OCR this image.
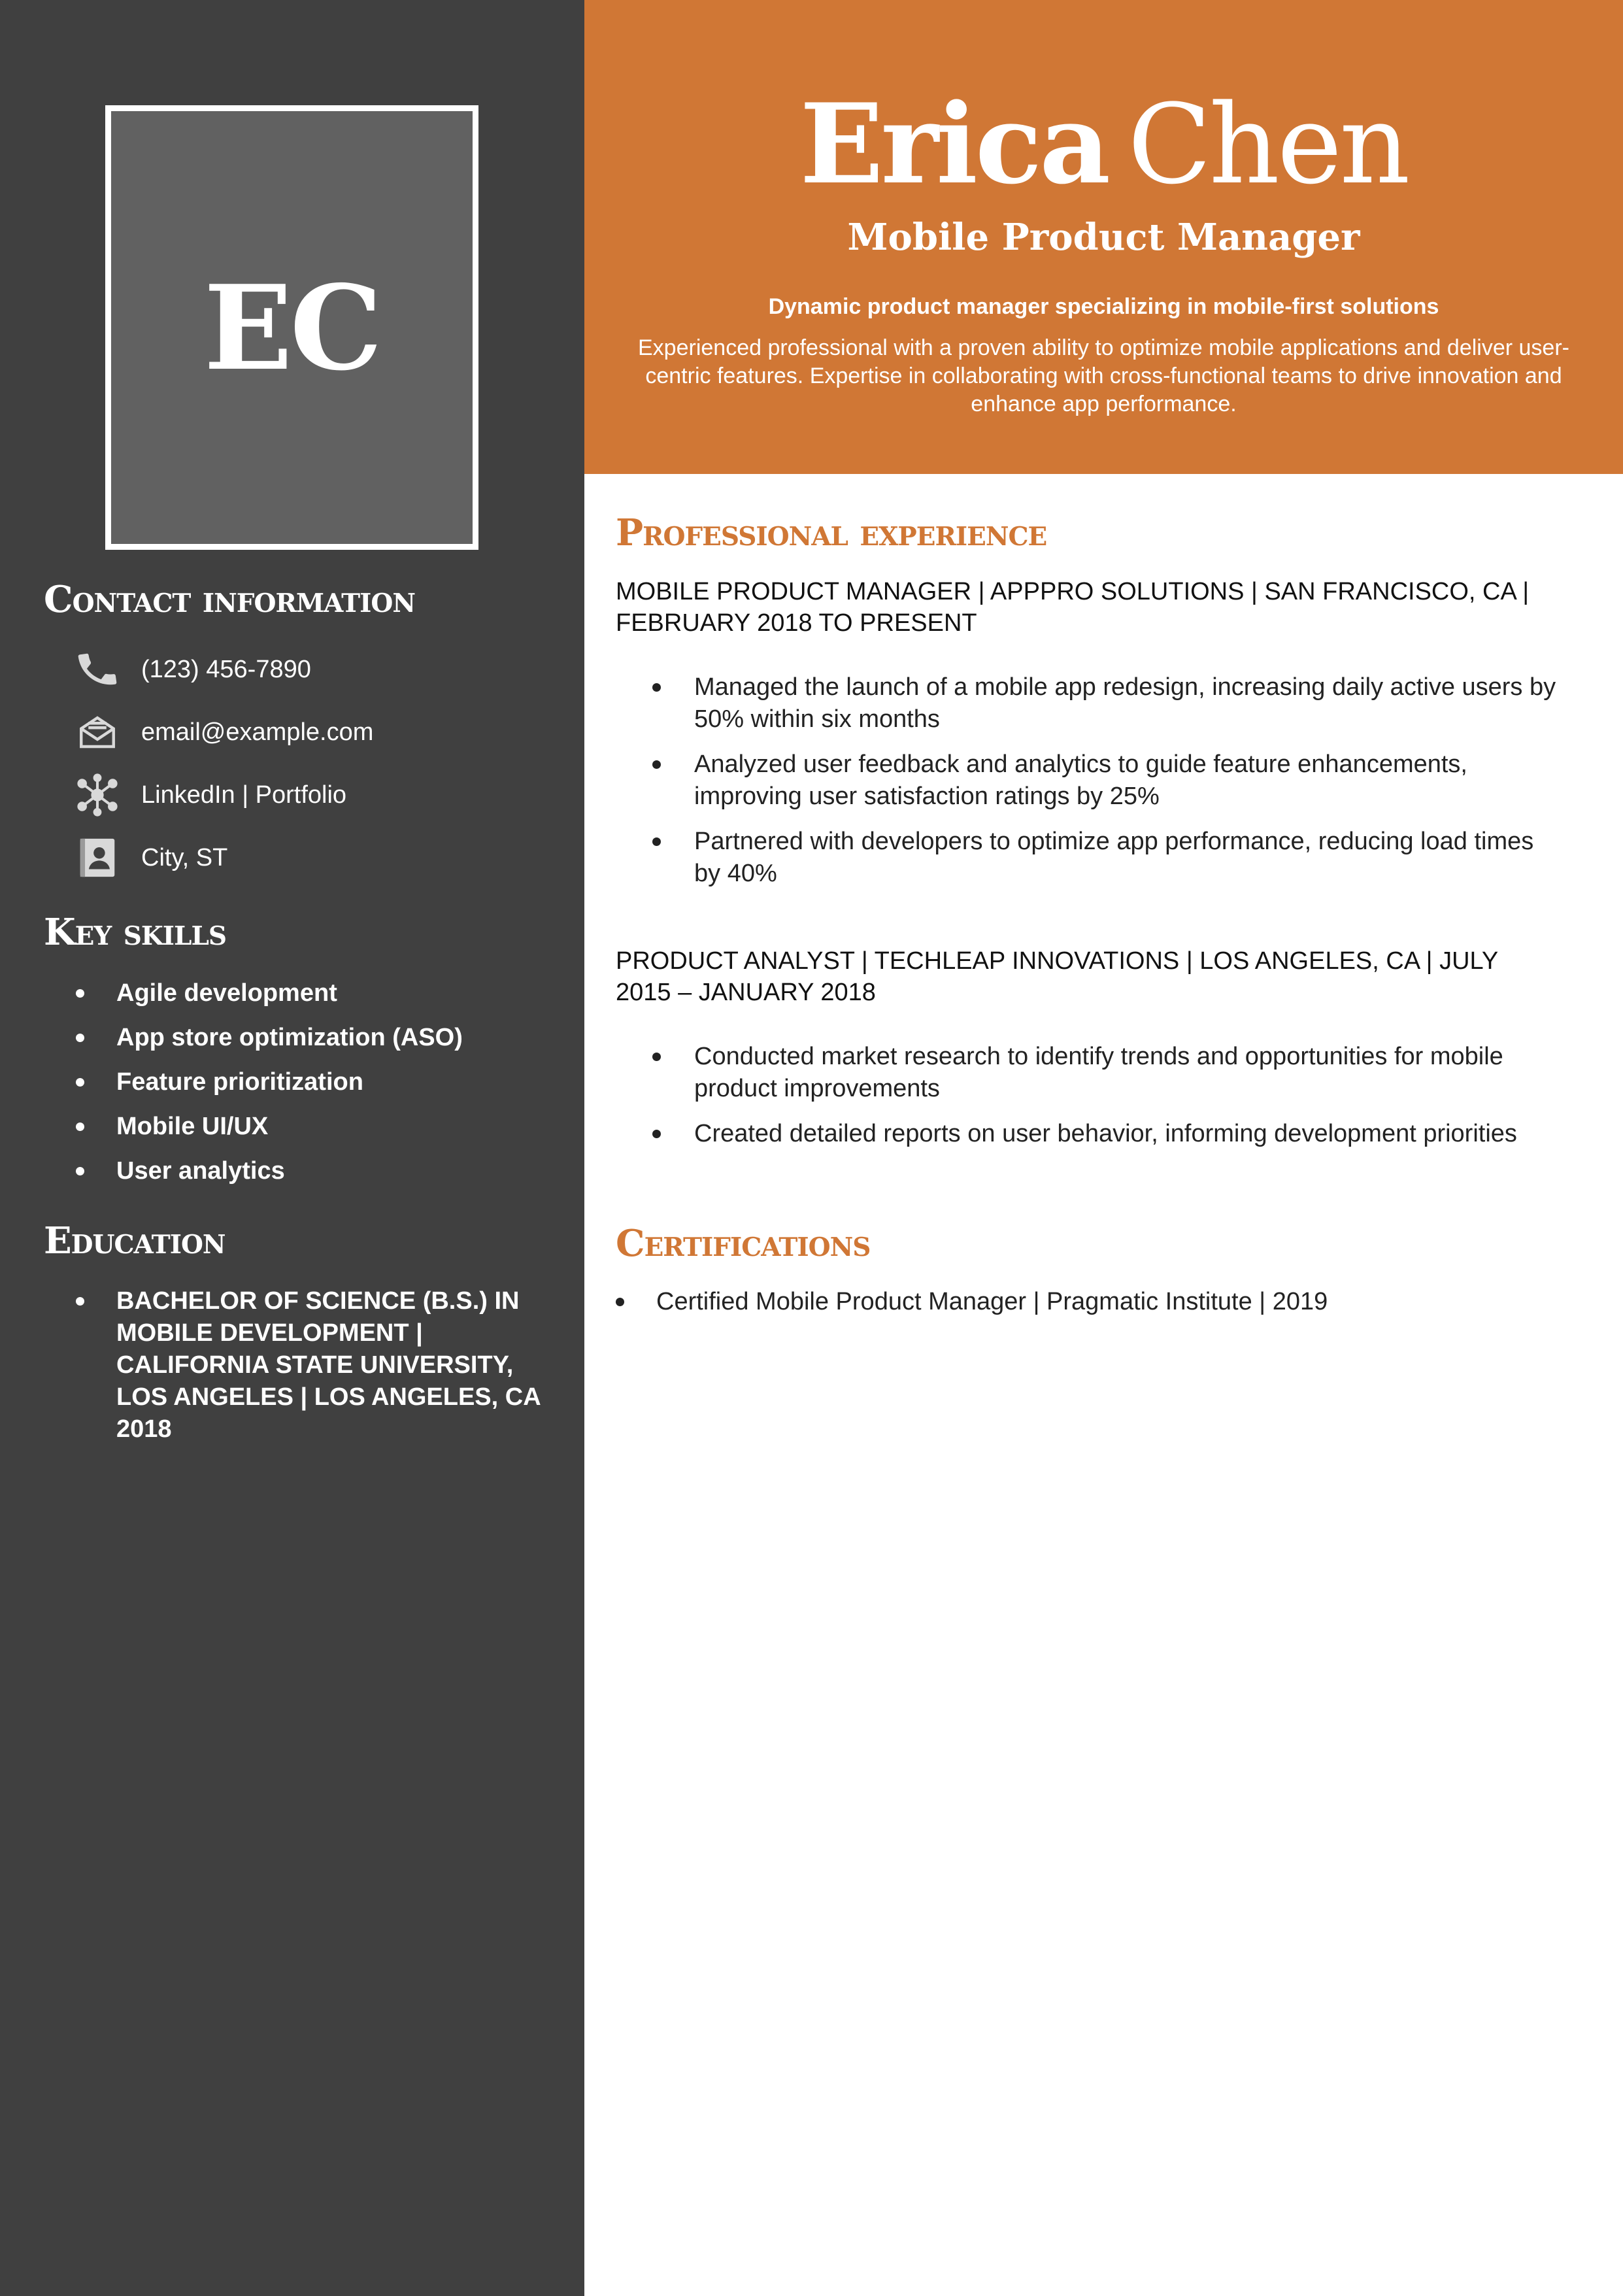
EC
Contact information
(123) 456-7890
email@example.com
LinkedIn | Portfolio
City, ST
Key skills
Agile development
App store optimization (ASO)
Feature prioritization
Mobile UI/UX
User analytics
Education
BACHELOR OF SCIENCE (B.S.) IN MOBILE DEVELOPMENT | CALIFORNIA STATE UNIVERSITY, LOS ANGELES | LOS ANGELES, CA 2018
Erica Chen
Mobile Product Manager
Dynamic product manager specializing in mobile-first solutions

Experienced professional with a proven ability to optimize mobile applications and deliver user-centric features. Expertise in collaborating with cross-functional teams to drive innovation and enhance app performance.

Professional experience
MOBILE PRODUCT MANAGER | APPPRO SOLUTIONS | SAN FRANCISCO, CA | FEBRUARY 2018 TO PRESENT
Managed the launch of a mobile app redesign, increasing daily active users by 50% within six months
Analyzed user feedback and analytics to guide feature enhancements, improving user satisfaction ratings by 25%
Partnered with developers to optimize app performance, reducing load times by 40%
PRODUCT ANALYST | TECHLEAP INNOVATIONS | LOS ANGELES, CA | JULY 2015 – JANUARY 2018
Conducted market research to identify trends and opportunities for mobile product improvements
Created detailed reports on user behavior, informing development priorities
Certifications
Certified Mobile Product Manager | Pragmatic Institute | 2019
